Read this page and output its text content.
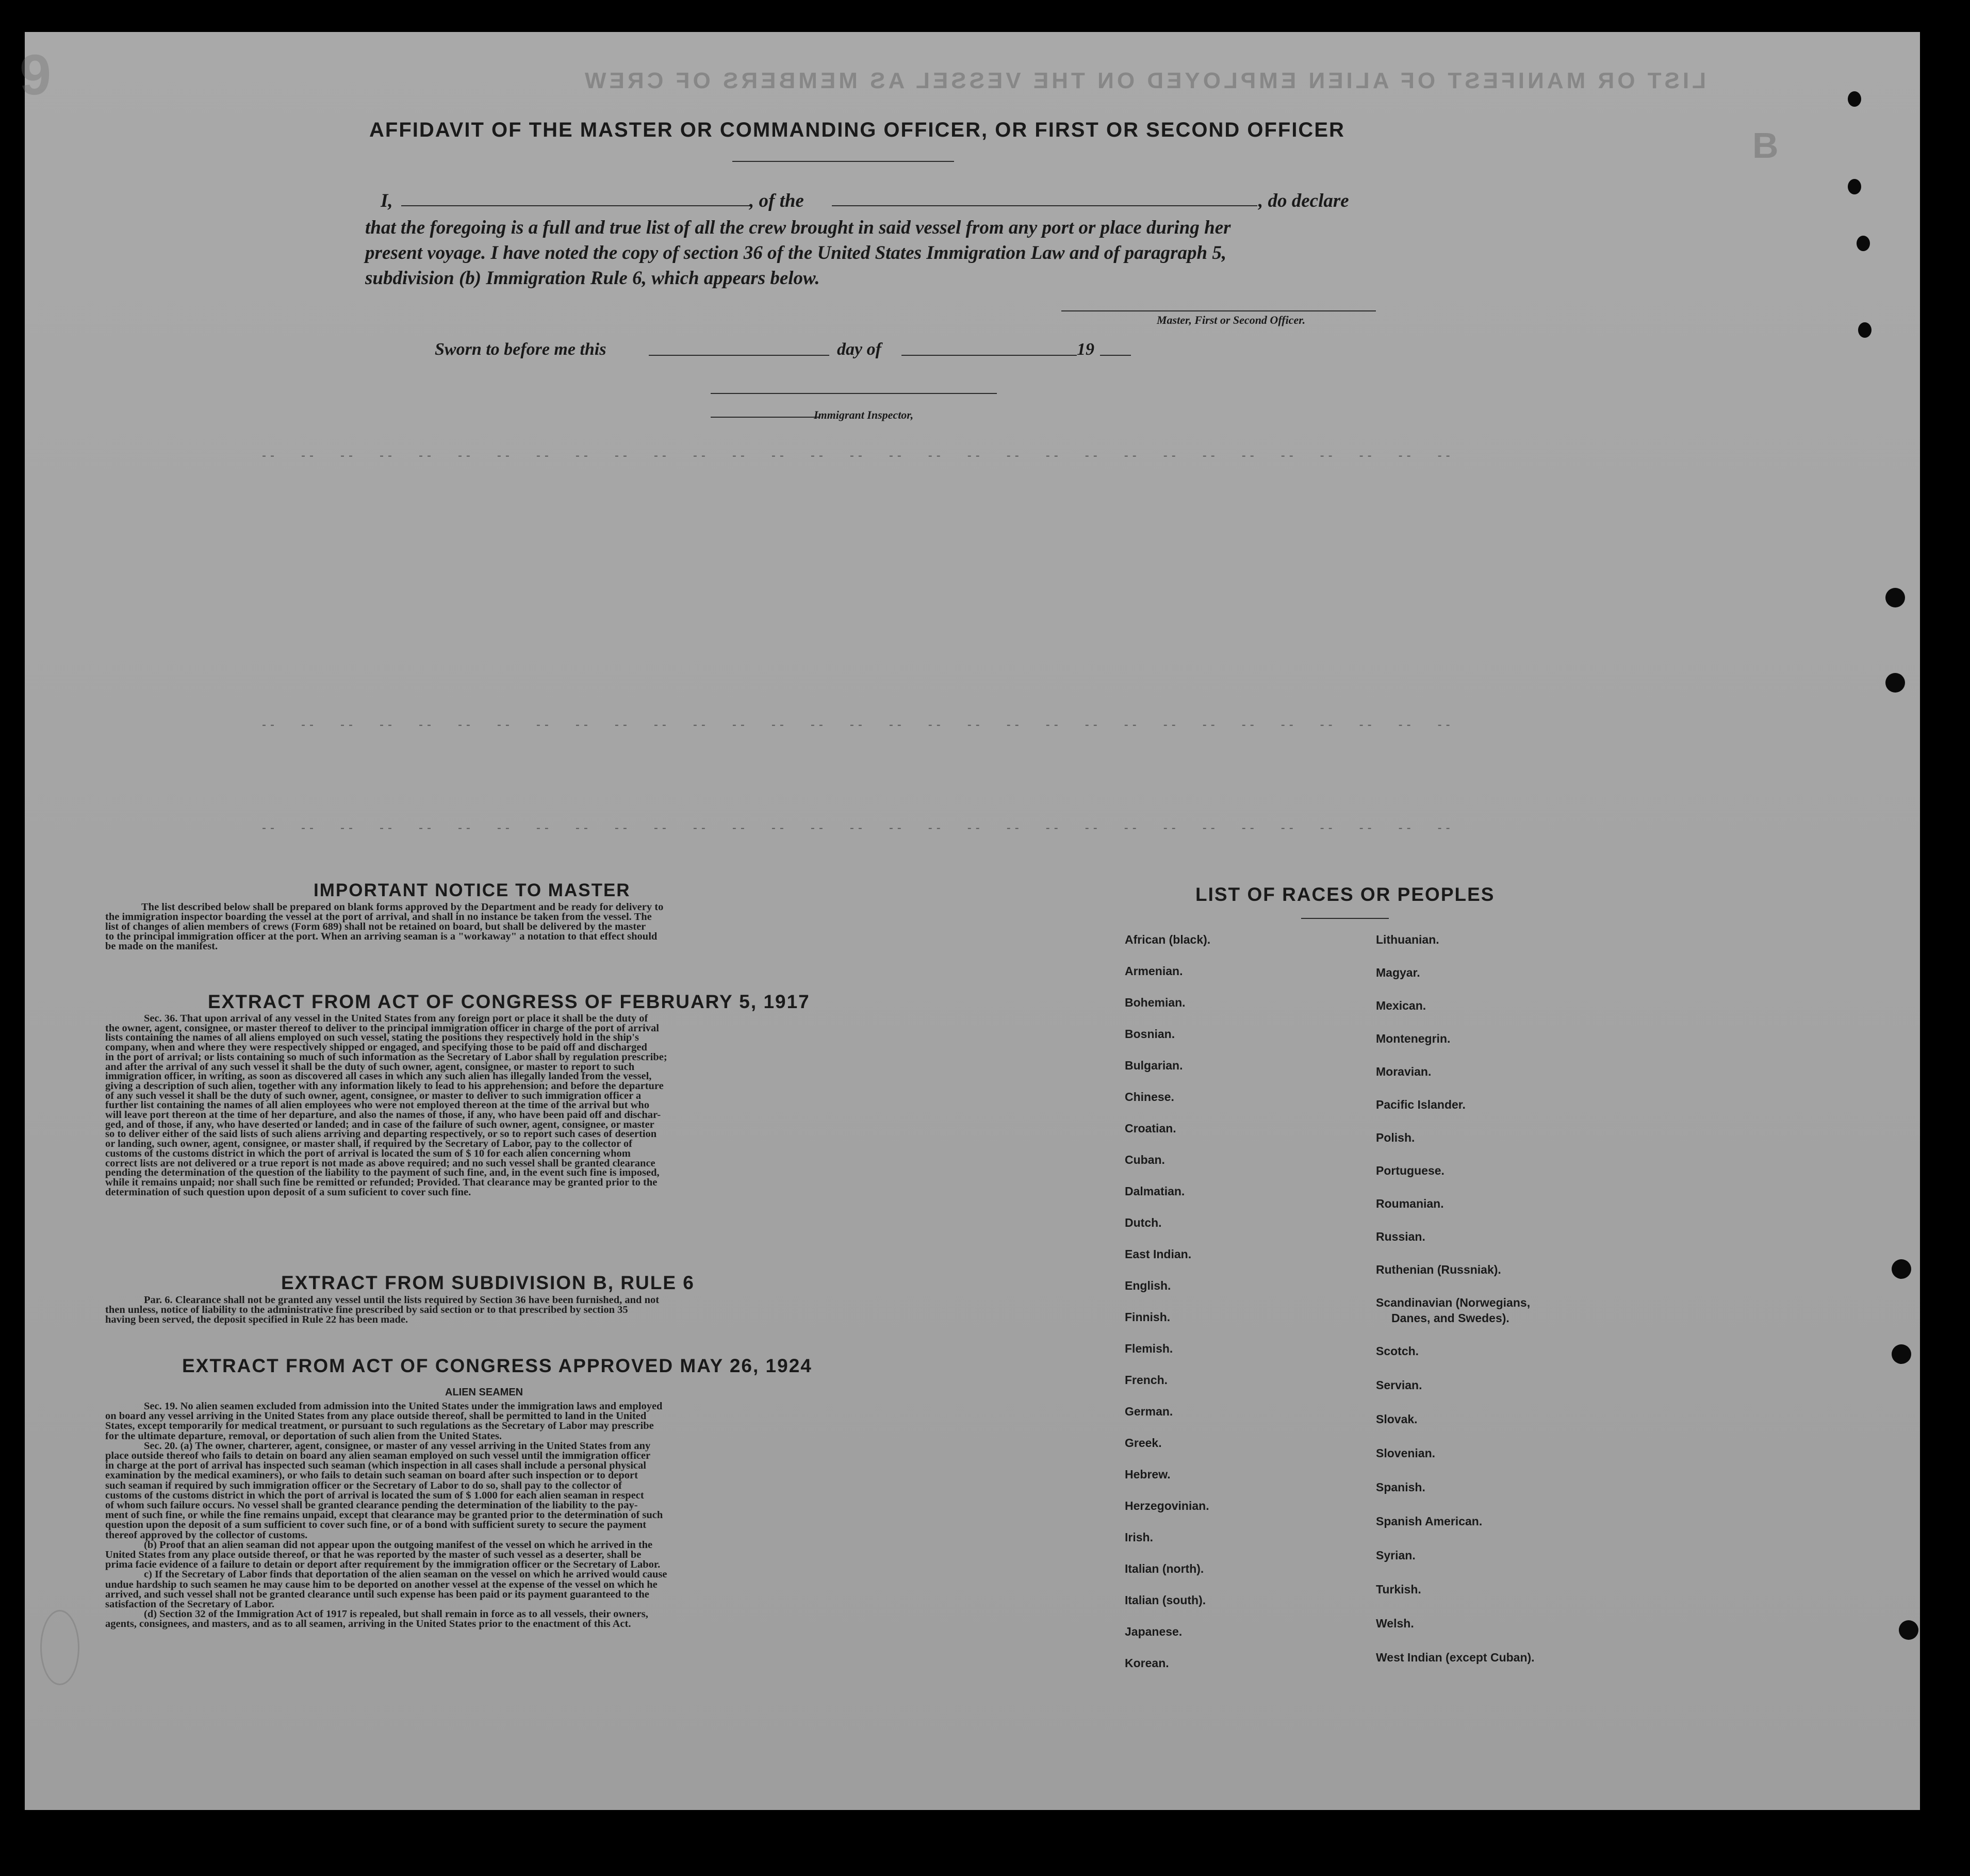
LIST OR MANIFEST OF ALIEN EMPLOYED ON THE VESSEL AS MEMBERS OF CREW
B
9
--   --   --   --   --   --   --   --   --   --   --   --   --   --   --   --   --   --   --   --   --   --   --   --   --   --   --   --   --   --   --
--   --   --   --   --   --   --   --   --   --   --   --   --   --   --   --   --   --   --   --   --   --   --   --   --   --   --   --   --   --   --
--   --   --   --   --   --   --   --   --   --   --   --   --   --   --   --   --   --   --   --   --   --   --   --   --   --   --   --   --   --   --
AFFIDAVIT OF THE MASTER OR COMMANDING OFFICER, OR FIRST OR SECOND OFFICER
I,	, of the	, do declare
that the foregoing is a full and true list of all the crew brought in said vessel from any port or place during her
present voyage. I have noted the copy of section 36 of the United States Immigration Law and of paragraph 5,
subdivision (b) Immigration Rule 6, which appears below.
Master, First or Second Officer.
Sworn to before me this	day of	19
Immigrant Inspector,
IMPORTANT NOTICE TO MASTER
The list described below shall be prepared on blank forms approved by the Department and be ready for delivery to
the immigration inspector boarding the vessel at the port of arrival, and shall in no instance be taken from the vessel. The
list of changes of alien members of crews (Form 689) shall not be retained on board, but shall be delivered by the master
to the principal immigration officer at the port. When an arriving seaman is a "workaway" a notation to that effect should
be made on the manifest.
EXTRACT FROM ACT OF CONGRESS OF FEBRUARY 5, 1917
Sec. 36. That upon arrival of any vessel in the United States from any foreign port or place it shall be the duty of
the owner, agent, consignee, or master thereof to deliver to the principal immigration officer in charge of the port of arrival
lists containing the names of all aliens employed on such vessel, stating the positions they respectively hold in the ship's
company, when and where they were respectively shipped or engaged, and specifying those to be paid off and discharged
in the port of arrival; or lists containing so much of such information as the Secretary of Labor shall by regulation prescribe;
and after the arrival of any such vessel it shall be the duty of such owner, agent, consignee, or master to report to such
immigration officer, in writing, as soon as discovered all cases in which any such alien has illegally landed from the vessel,
giving a description of such alien, together with any information likely to lead to his apprehension; and before the departure
of any such vessel it shall be the duty of such owner, agent, consignee, or master to deliver to such immigration officer a
further list containing the names of all alien employees who were not employed thereon at the time of the arrival but who
will leave port thereon at the time of her departure, and also the names of those, if any, who have been paid off and dischar-
ged, and of those, if any, who have deserted or landed; and in case of the failure of such owner, agent, consignee, or master
so to deliver either of the said lists of such aliens arriving and departing respectively, or so to report such cases of desertion
or landing, such owner, agent, consignee, or master shall, if required by the Secretary of Labor, pay to the collector of
customs of the customs district in which the port of arrival is located the sum of $ 10 for each alien concerning whom
correct lists are not delivered or a true report is not made as above required; and no such vessel shall be granted clearance
pending the determination of the question of the liability to the payment of such fine, and, in the event such fine is imposed,
while it remains unpaid; nor shall such fine be remitted or refunded; Provided. That clearance may be granted prior to the
determination of such question upon deposit of a sum suficient to cover such fine.
EXTRACT FROM SUBDIVISION B, RULE 6
Par. 6. Clearance shall not be granted any vessel until the lists required by Section 36 have been furnished, and not
then unless, notice of liability to the administrative fine prescribed by said section or to that prescribed by section 35
having been served, the deposit specified in Rule 22 has been made.
EXTRACT FROM ACT OF CONGRESS APPROVED MAY 26, 1924
ALIEN SEAMEN
Sec. 19. No alien seamen excluded from admission into the United States under the immigration laws and employed
on board any vessel arriving in the United States from any place outside thereof, shall be permitted to land in the United
States, except temporarily for medical treatment, or pursuant to such regulations as the Secretary of Labor may prescribe
for the ultimate departure, removal, or deportation of such alien from the United States.
Sec. 20. (a) The owner, charterer, agent, consignee, or master of any vessel arriving in the United States from any
place outside thereof who fails to detain on board any alien seaman employed on such vessel until the immigration officer
in charge at the port of arrival has inspected such seaman (which inspection in all cases shall include a personal physical
examination by the medical examiners), or who fails to detain such seaman on board after such inspection or to deport
such seaman if required by such immigration officer or the Secretary of Labor to do so, shall pay to the collector of
customs of the customs district in which the port of arrival is located the sum of $ 1.000 for each alien seaman in respect
of whom such failure occurs. No vessel shall be granted clearance pending the determination of the liability to the pay-
ment of such fine, or while the fine remains unpaid, except that clearance may be granted prior to the determination of such
question upon the deposit of a sum sufficient to cover such fine, or of a bond with sufficient surety to secure the payment
thereof approved by the collector of customs.
(b) Proof that an alien seaman did not appear upon the outgoing manifest of the vessel on which he arrived in the
United States from any place outside thereof, or that he was reported by the master of such vessel as a deserter, shall be
prima facie evidence of a failure to detain or deport after requirement by the immigration officer or the Secretary of Labor.
c) If the Secretary of Labor finds that deportation of the alien seaman on the vessel on which he arrived would cause
undue hardship to such seamen he may cause him to be deported on another vessel at the expense of the vessel on which he
arrived, and such vessel shall not be granted clearance until such expense has been paid or its payment guaranteed to the
satisfaction of the Secretary of Labor.
(d) Section 32 of the Immigration Act of 1917 is repealed, but shall remain in force as to all vessels, their owners,
agents, consignees, and masters, and as to all seamen, arriving in the United States prior to the enactment of this Act.
LIST OF RACES OR PEOPLES
African (black).
Armenian.
Bohemian.
Bosnian.
Bulgarian.
Chinese.
Croatian.
Cuban.
Dalmatian.
Dutch.
East Indian.
English.
Finnish.
Flemish.
French.
German.
Greek.
Hebrew.
Herzegovinian.
Irish.
Italian (north).
Italian (south).
Japanese.
Korean.
Lithuanian.
Magyar.
Mexican.
Montenegrin.
Moravian.
Pacific Islander.
Polish.
Portuguese.
Roumanian.
Russian.
Ruthenian (Russniak).
Scandinavian (Norwegians,
Danes, and Swedes).
Scotch.
Servian.
Slovak.
Slovenian.
Spanish.
Spanish American.
Syrian.
Turkish.
Welsh.
West Indian (except Cuban).
